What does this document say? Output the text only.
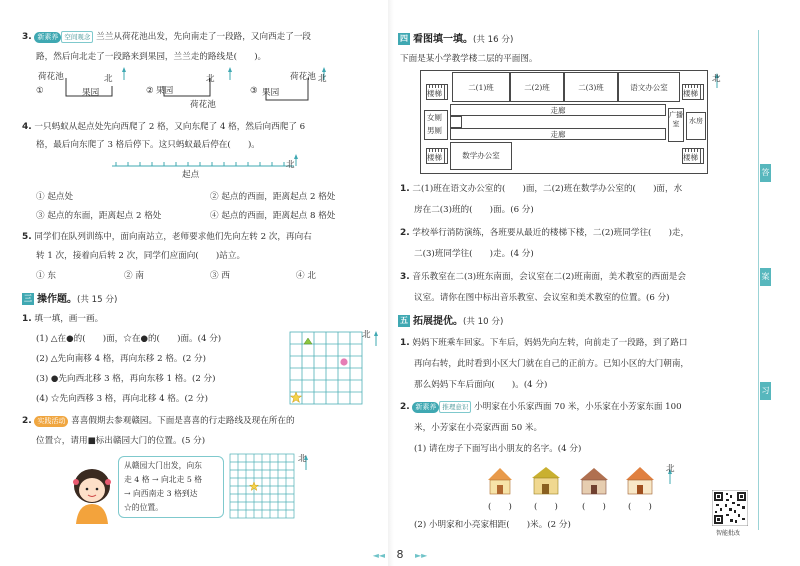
3. 新素养 空间观念 兰兰从荷花池出发，先向南走了一段路，又向西走了一段
路，然后向北走了一段路来到果园，兰兰走的路线是(　　)。
荷花池	北
①	果园	② 果园
北
荷花池
③ 果园
荷花池 北
4. 一只蚂蚁从起点处先向西爬了 2 格，又向东爬了 4 格，然后向西爬了 6
格，最后向东爬了 3 格后停下。这只蚂蚁最后停在(　　)。
起点
北
① 起点处	② 起点的西面，距离起点 2 格处
③ 起点的东面，距离起点 2 格处	④ 起点的西面，距离起点 8 格处
5. 同学们在队列训练中，面向南站立，老师要求他们先向左转 2 次，再向右
转 1 次，接着向后转 2 次，同学们应面向(　　)站立。
① 东	② 南	③ 西	④ 北
三 操作题。(共 15 分)
1. 填一填，画一画。
(1) △在●的(　　)面，☆在●的(　　)面。(4 分)
(2) △先向南移 4 格，再向东移 2 格。(2 分)
(3) ●先向西北移 3 格，再向东移 1 格。(2 分)
(4) ☆先向西移 3 格，再向北移 4 格。(2 分)
北
2. 实践活动 喜喜假期去参观赣园。下面是喜喜的行走路线及现在所在的
位置☆，请用■标出赣园大门的位置。(5 分)
从赣园大门出发，向东
走 4 格 → 向北走 5 格
→ 向西南走 3 格到达
☆的位置。
北
四 看图填一填。(共 16 分)
下面是某小学教学楼二层的平面图。
楼梯
二(1)班	二(2)班	二(3)班	语文办公室
楼梯
女厕
男厕
走廊
走廊
广播室	水房
楼梯	数学办公室	楼梯
北
1. 二(1)班在语文办公室的(　　)面，二(2)班在数学办公室的(　　)面，水
房在二(3)班的(　　)面。(6 分)
2. 学校举行消防演练，各班要从最近的楼梯下楼，二(2)班同学往(　　)走，
二(3)班同学往(　　)走。(4 分)
3. 音乐教室在二(3)班东南面，会议室在二(2)班南面，美术教室的西面是会
议室。请你在图中标出音乐教室、会议室和美术教室的位置。(6 分)
五 拓展提优。(共 10 分)
1. 妈妈下班乘车回家。下车后，妈妈先向左转，向前走了一段路，到了路口
再向右转，此时看到小区大门就在自己的正前方。已知小区的大门朝南，
那么妈妈下车后面向(　　)。(4 分)
2. 新素养 推理意识 小明家在小乐家西面 70 米，小乐家在小芳家东面 100
米，小芳家在小亮家西面 50 米。
(1) 请在房子下面写出小朋友的名字。(4 分)
北
(　　)	(　　)	(　　)	(　　)
(2) 小明家和小亮家相距(　　)米。(2 分)
智能批改
答
案
习
◄◄ 8 ►►
